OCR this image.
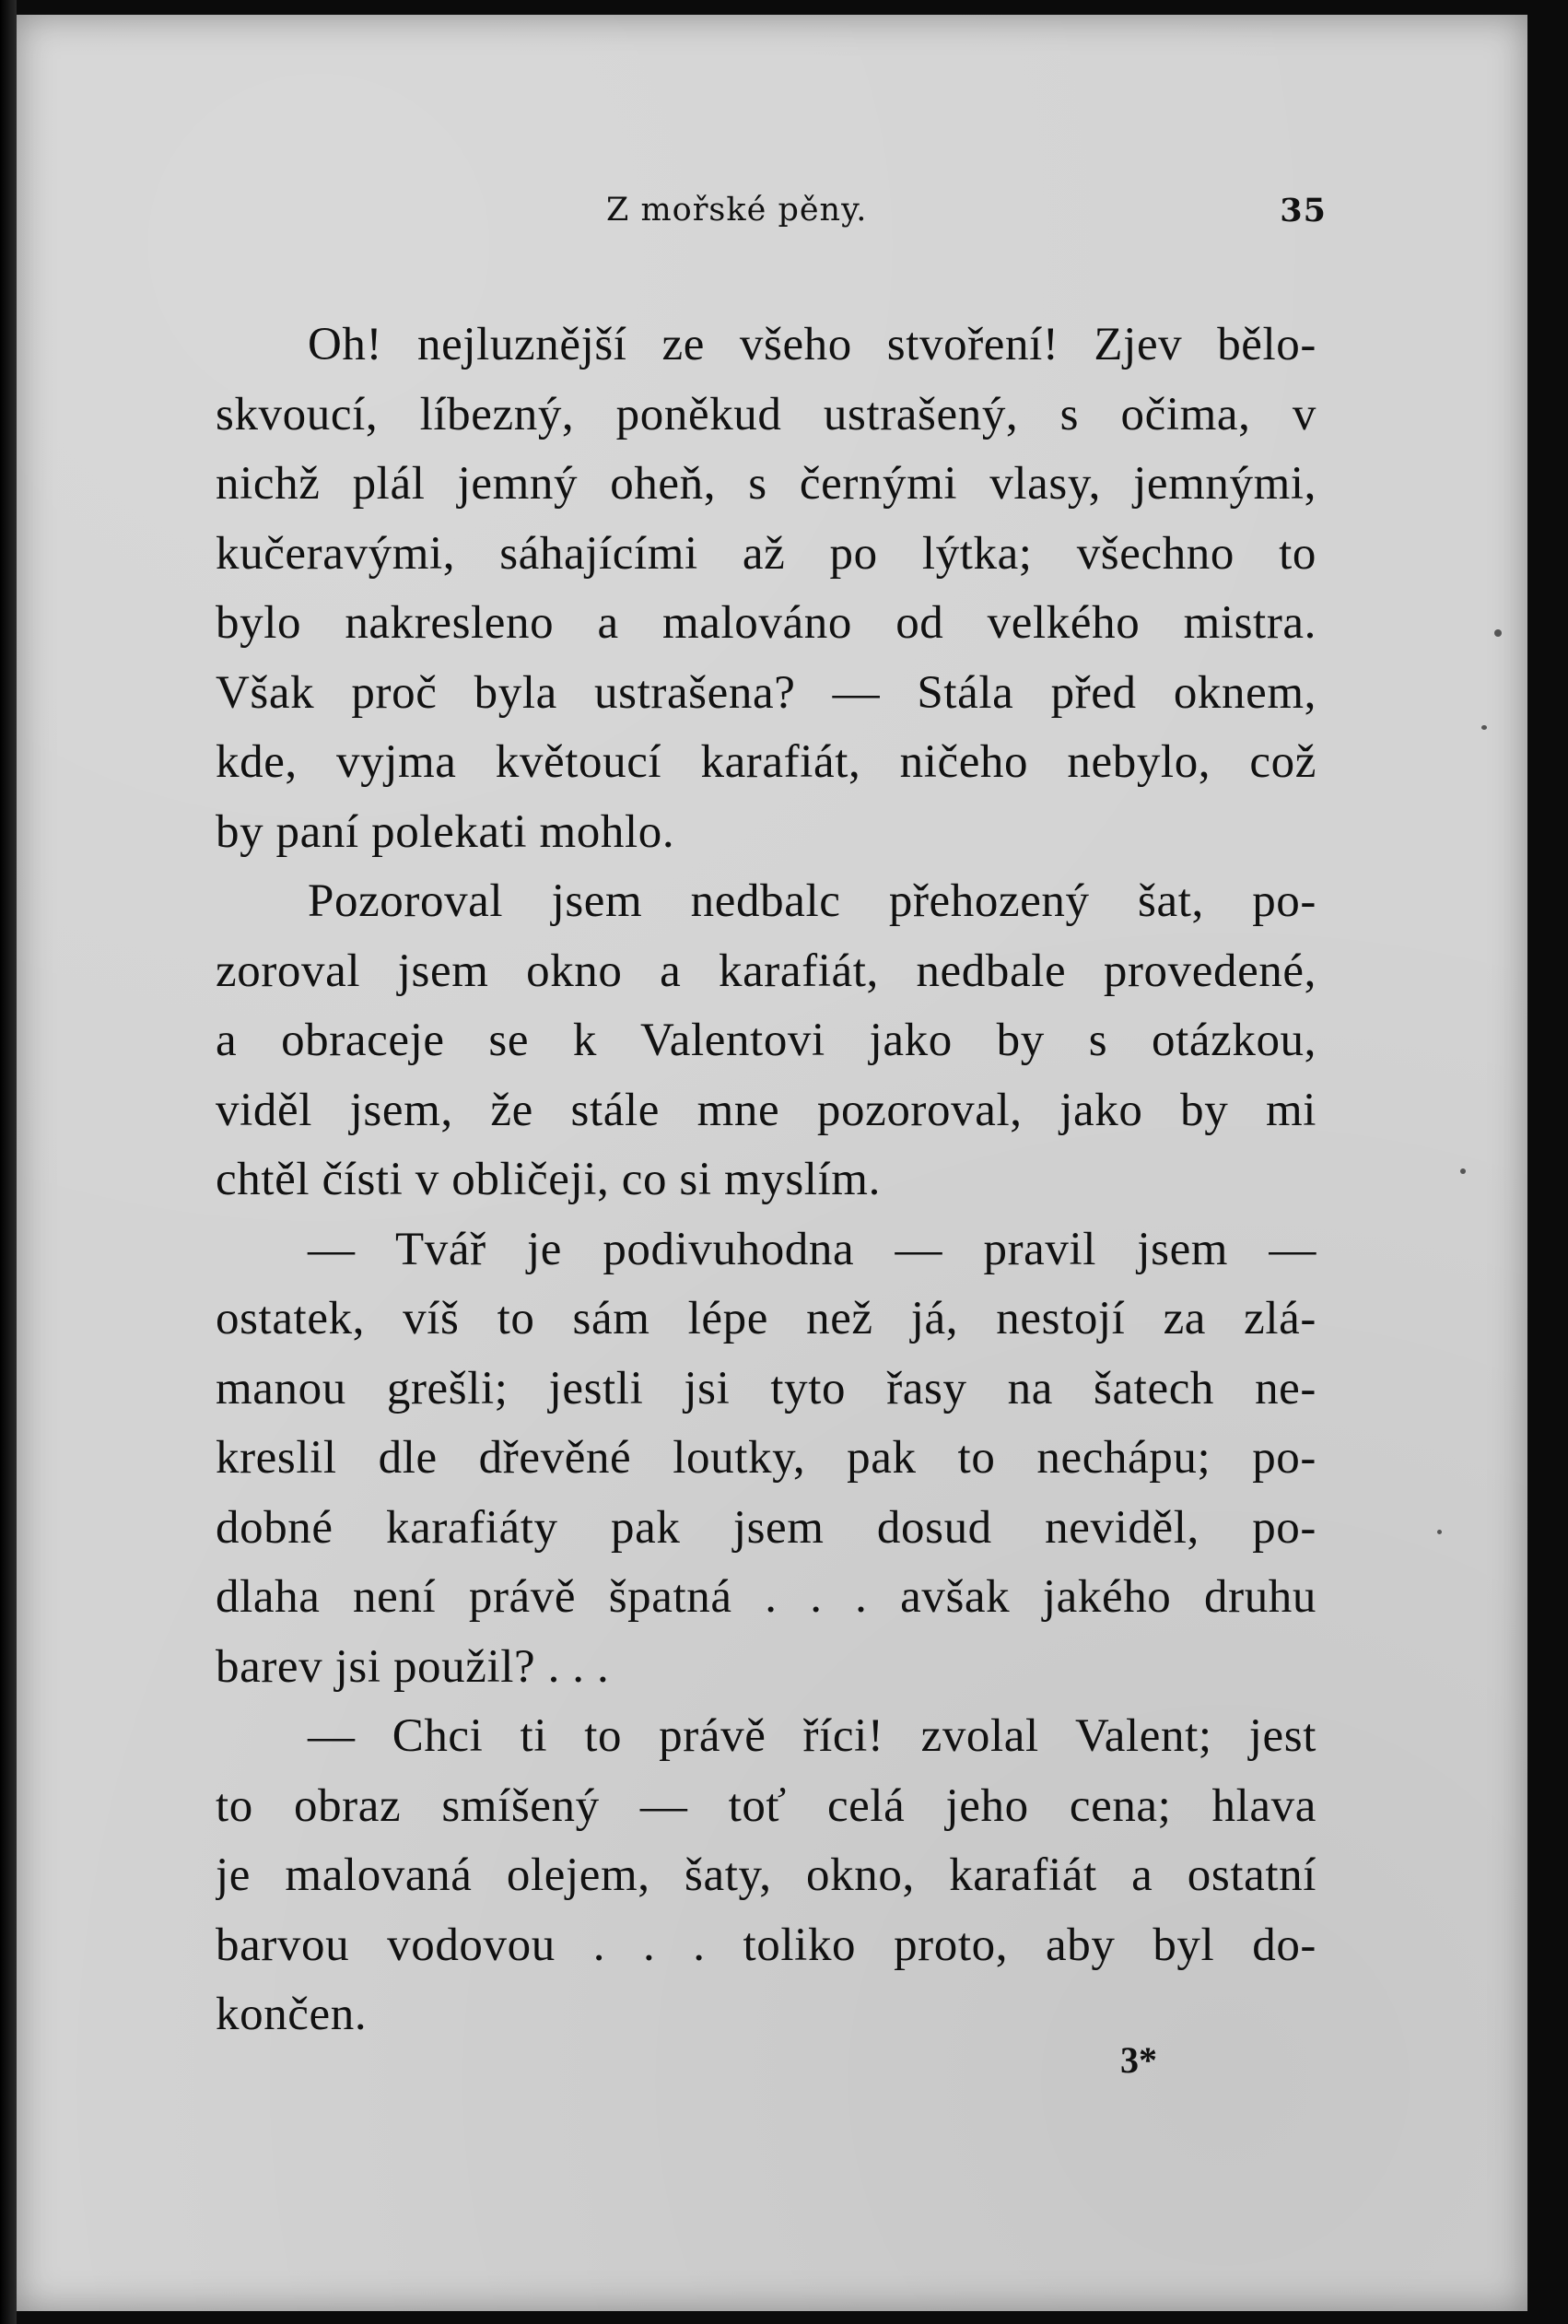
Z mořské pěny.	35
Oh! nejluznější ze všeho stvoření! Zjev bělo-
skvoucí, líbezný, poněkud ustrašený, s očima, v
nichž plál jemný oheň, s černými vlasy, jemnými,
kučeravými, sáhajícími až po lýtka; všechno to
bylo nakresleno a malováno od velkého mistra.
Však proč byla ustrašena? — Stála před oknem,
kde, vyjma květoucí karafiát, ničeho nebylo, což
by paní polekati mohlo.
Pozoroval jsem nedbalc přehozený šat, po-
zoroval jsem okno a karafiát, nedbale provedené,
a obraceje se k Valentovi jako by s otázkou,
viděl jsem, že stále mne pozoroval, jako by mi
chtěl čísti v obličeji, co si myslím.
— Tvář je podivuhodna — pravil jsem —
ostatek, víš to sám lépe než já, nestojí za zlá-
manou grešli; jestli jsi tyto řasy na šatech ne-
kreslil dle dřevěné loutky, pak to nechápu; po-
dobné karafiáty pak jsem dosud neviděl, po-
dlaha není právě špatná . . . avšak jakého druhu
barev jsi použil? . . .
— Chci ti to právě říci! zvolal Valent; jest
to obraz smíšený — toť celá jeho cena; hlava
je malovaná olejem, šaty, okno, karafiát a ostatní
barvou vodovou . . . toliko proto, aby byl do-
končen.
3*
